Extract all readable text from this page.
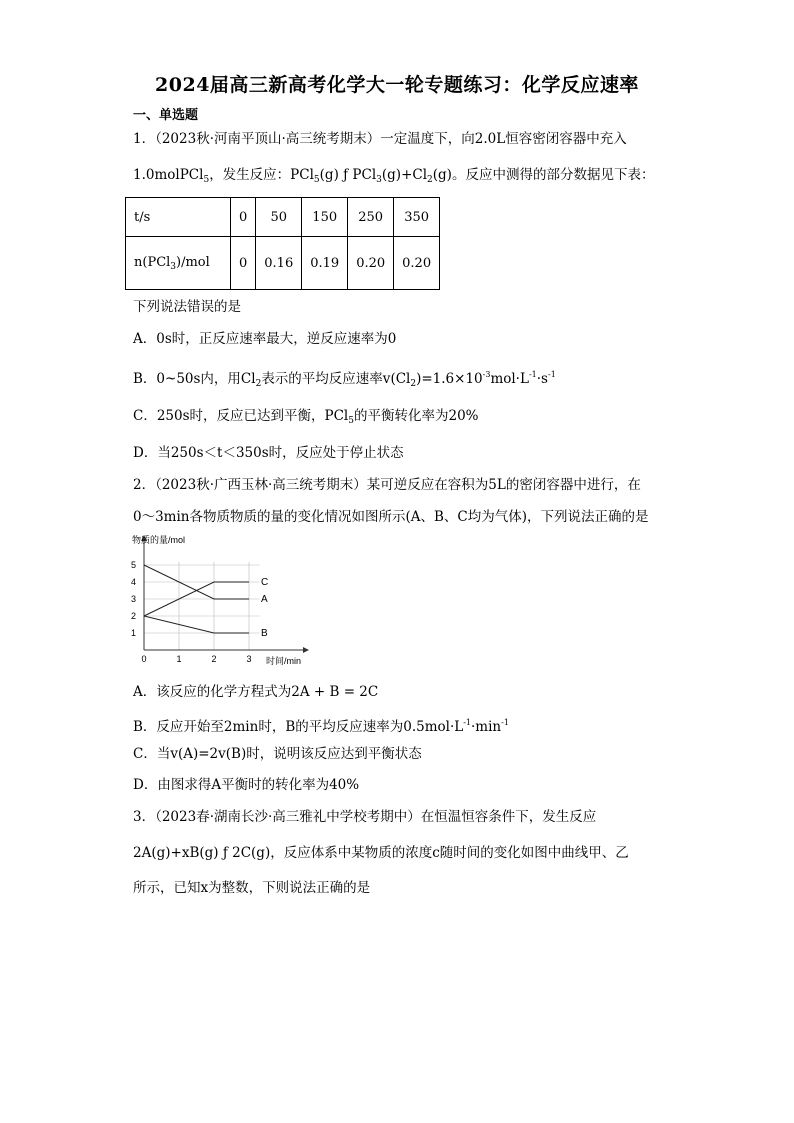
2024届高三新高考化学大一轮专题练习：化学反应速率
一、单选题
1．（2023秋·河南平顶山·高三统考期末）一定温度下，向2.0L恒容密闭容器中充入
1.0molPCl$_5$，发生反应：PCl$_5$(g) ƒ $PCl_3(g)+Cl_2(g)$。反应中测得的部分数据见下表：
t/s	0	50	150	250	350
n(PCl$_3$)/mol	0	0.16	0.19	0.20	0.20
下列说法错误的是
A．0s时，正反应速率最大，逆反应速率为0
B．0~50s内，用$Cl_2$表示的平均反应速率$v(Cl_2)=1.6\times 10^{-3}mol\cdot L^{-1}\cdot s^{-1}$
C．250s时，反应已达到平衡，PCl$_5$的平衡转化率为20%
D．当250s＜t＜350s时，反应处于停止状态
2．（2023秋·广西玉林·高三统考期末）某可逆反应在容积为5L的密闭容器中进行，在
0～3min各物质物质的量的变化情况如图所示(A、B、C均为气体)，下列说法正确的是
物质的量/mol
时间/min
1
2
3
4
5
0	1	2	3
C
A
B
A．该反应的化学方程式为2A + B = 2C
B．反应开始至2min时，B的平均反应速率为$0.5mol\cdot L^{-1}\cdot\min^{-1}$
C．当v(A)=2v(B)时，说明该反应达到平衡状态
D．由图求得A平衡时的转化率为40%
3．（2023春·湖南长沙·高三雅礼中学校考期中）在恒温恒容条件下，发生反应
2A(g)+xB(g) ƒ 2C(g)，反应体系中某物质的浓度c随时间的变化如图中曲线甲、乙
所示，已知x为整数，下则说法正确的是
